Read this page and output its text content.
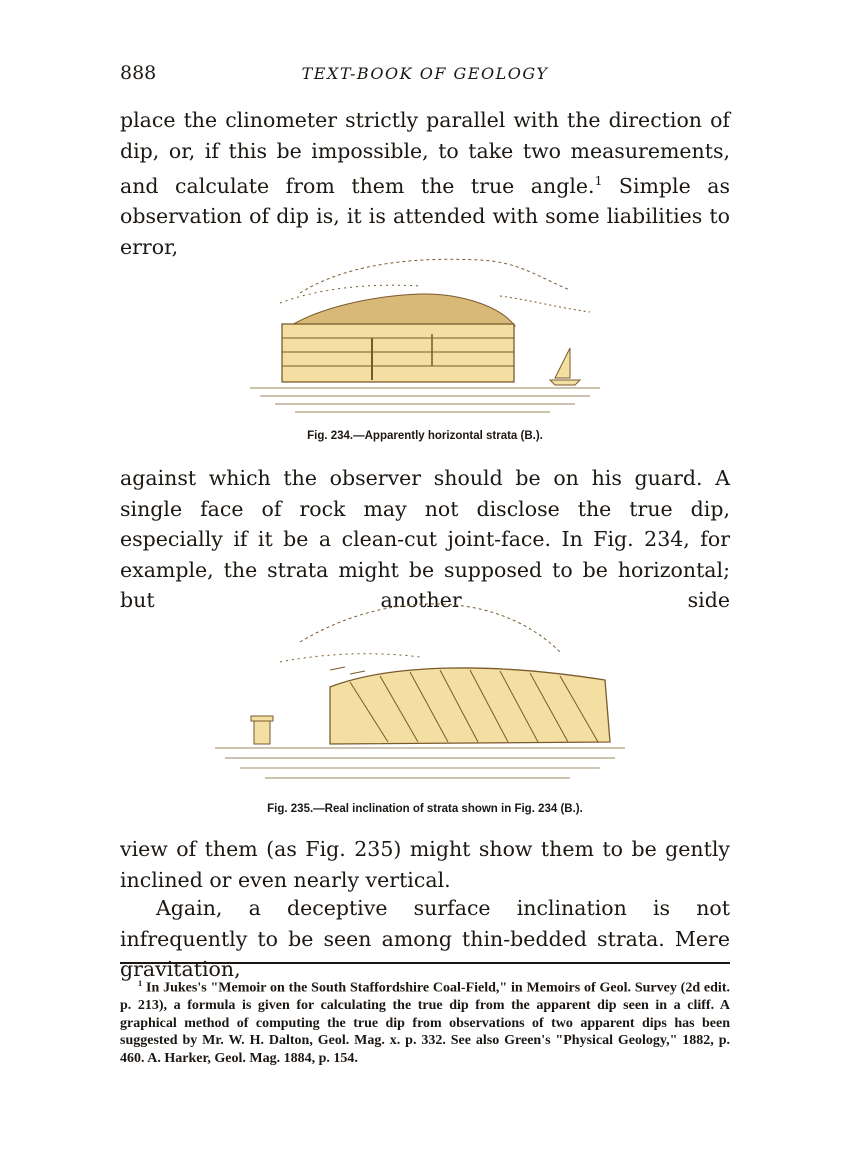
888	TEXT-BOOK OF GEOLOGY

place the clinometer strictly parallel with the direction of dip, or, if this be impossible, to take two measurements, and calculate from them the true angle.$^1$ Simple as observation of dip is, it is attended with some liabilities to error,

Fig. 234.—Apparently horizontal strata (B.).

against which the observer should be on his guard. A single face of rock may not disclose the true dip, especially if it be a clean-cut joint-face. In Fig. 234, for example, the strata might be supposed to be horizontal; but another side

Fig. 235.—Real inclination of strata shown in Fig. 234 (B.).

view of them (as Fig. 235) might show them to be gently inclined or even nearly vertical.

Again, a deceptive surface inclination is not infrequently to be seen among thin-bedded strata. Mere gravitation,

$^1$ In Jukes's "Memoir on the South Staffordshire Coal-Field," in Memoirs of Geol. Survey (2d edit. p. 213), a formula is given for calculating the true dip from the apparent dip seen in a cliff. A graphical method of computing the true dip from observations of two apparent dips has been suggested by Mr. W. H. Dalton, Geol. Mag. x. p. 332. See also Green's "Physical Geology," 1882, p. 460. A. Harker, Geol. Mag. 1884, p. 154.
